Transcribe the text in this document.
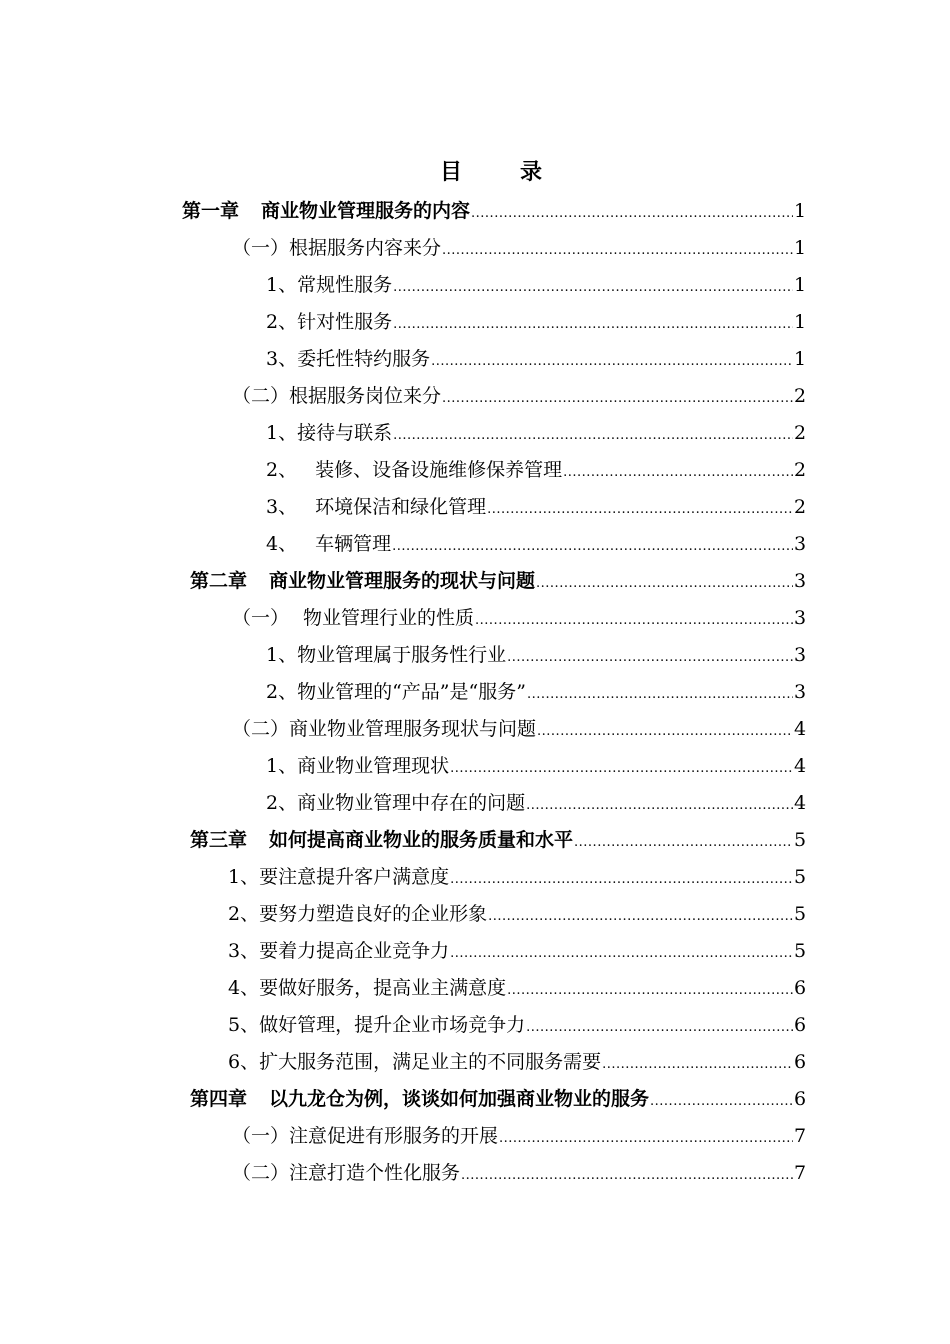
目　录
第一章 商业物业管理服务的内容 .....	1
（一） 根据服务内容来分 .....	1
1、 常规性服务 .....	1
2、 针对性服务 .....	1
3、 委托性特约服务 .....	1
（二） 根据服务岗位来分 .....	2
1、 接待与联系 .....	2
2、 装修、设备设施维修保养管理 .....	2
3、 环境保洁和绿化管理 .....	2
4、 车辆管理 .....	3
第二章 商业物业管理服务的现状与问题 .....	3
（一） 物业管理行业的性质 .....	3
1、 物业管理属于服务性行业 .....	3
2、 物业管理的“产品”是“服务” .....	3
（二） 商业物业管理服务现状与问题 .....	4
1、 商业物业管理现状 .....	4
2、 商业物业管理中存在的问题 .....	4
第三章 如何提高商业物业的服务质量和水平 .....	5
1、 要注意提升客户满意度 .....	5
2、 要努力塑造良好的企业形象 .....	5
3、 要着力提高企业竞争力 .....	5
4、 要做好服务，提高业主满意度 .....	6
5、 做好管理，提升企业市场竞争力 .....	6
6、 扩大服务范围，满足业主的不同服务需要 .....	6
第四章 以九龙仓为例，谈谈如何加强商业物业的服务 .....	6
（一） 注意促进有形服务的开展 .....	7
（二） 注意打造个性化服务 .....	7
